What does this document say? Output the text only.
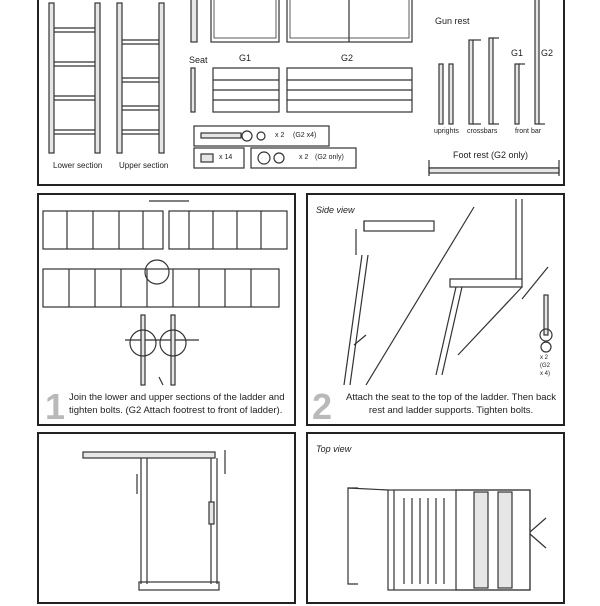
Lower section Upper section
Seat	G1	G2
Gun rest
G1 G2
uprights crossbars	front bar
x 2 (G2 x4)
x 14	x 2 (G2 only)	Foot rest (G2 only)
1 Join the lower and upper sections of the ladder and tighten bolts. (G2 Attach footrest to front of ladder).
Side view
x 2
(G2
x 4)
2	Attach the seat to the top of the ladder. Then back rest and ladder supports. Tighten bolts.
Top view
